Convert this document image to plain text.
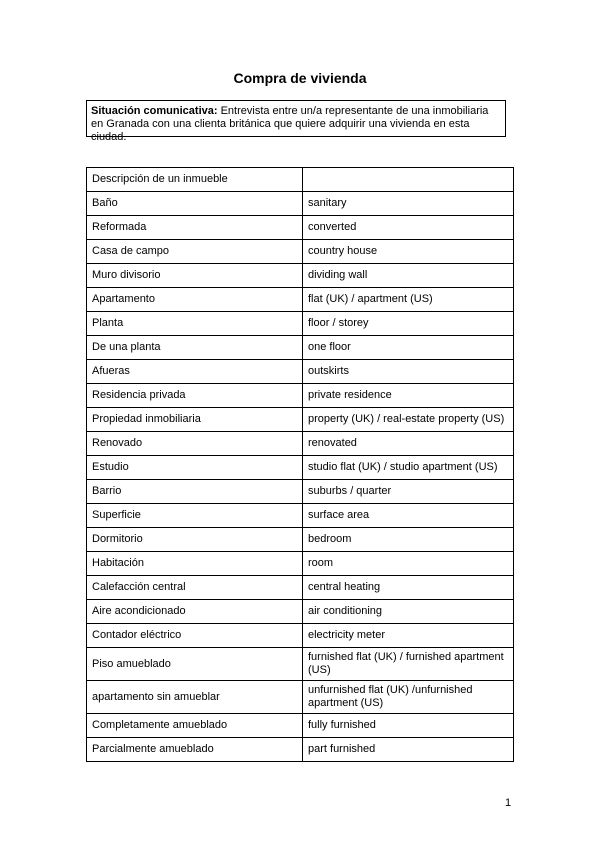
Compra de vivienda
Situación comunicativa: Entrevista entre un/a representante de una inmobiliaria en Granada con una clienta británica que quiere adquirir una vivienda en esta ciudad.
Descripción de un inmueble	
Baño	sanitary
Reformada	converted
Casa de campo	country house
Muro divisorio	dividing wall
Apartamento	flat (UK) / apartment (US)
Planta	floor / storey
De una planta	one floor
Afueras	outskirts
Residencia privada	private residence
Propiedad inmobiliaria	property (UK) / real-estate property (US)
Renovado	renovated
Estudio	studio flat (UK) / studio apartment (US)
Barrio	suburbs / quarter
Superficie	surface area
Dormitorio	bedroom
Habitación	room
Calefacción central	central heating
Aire acondicionado	air conditioning
Contador eléctrico	electricity meter
Piso amueblado	furnished flat (UK) / furnished apartment (US)
apartamento sin amueblar	unfurnished flat (UK) /unfurnished apartment (US)
Completamente amueblado	fully furnished
Parcialmente amueblado	part furnished
1
